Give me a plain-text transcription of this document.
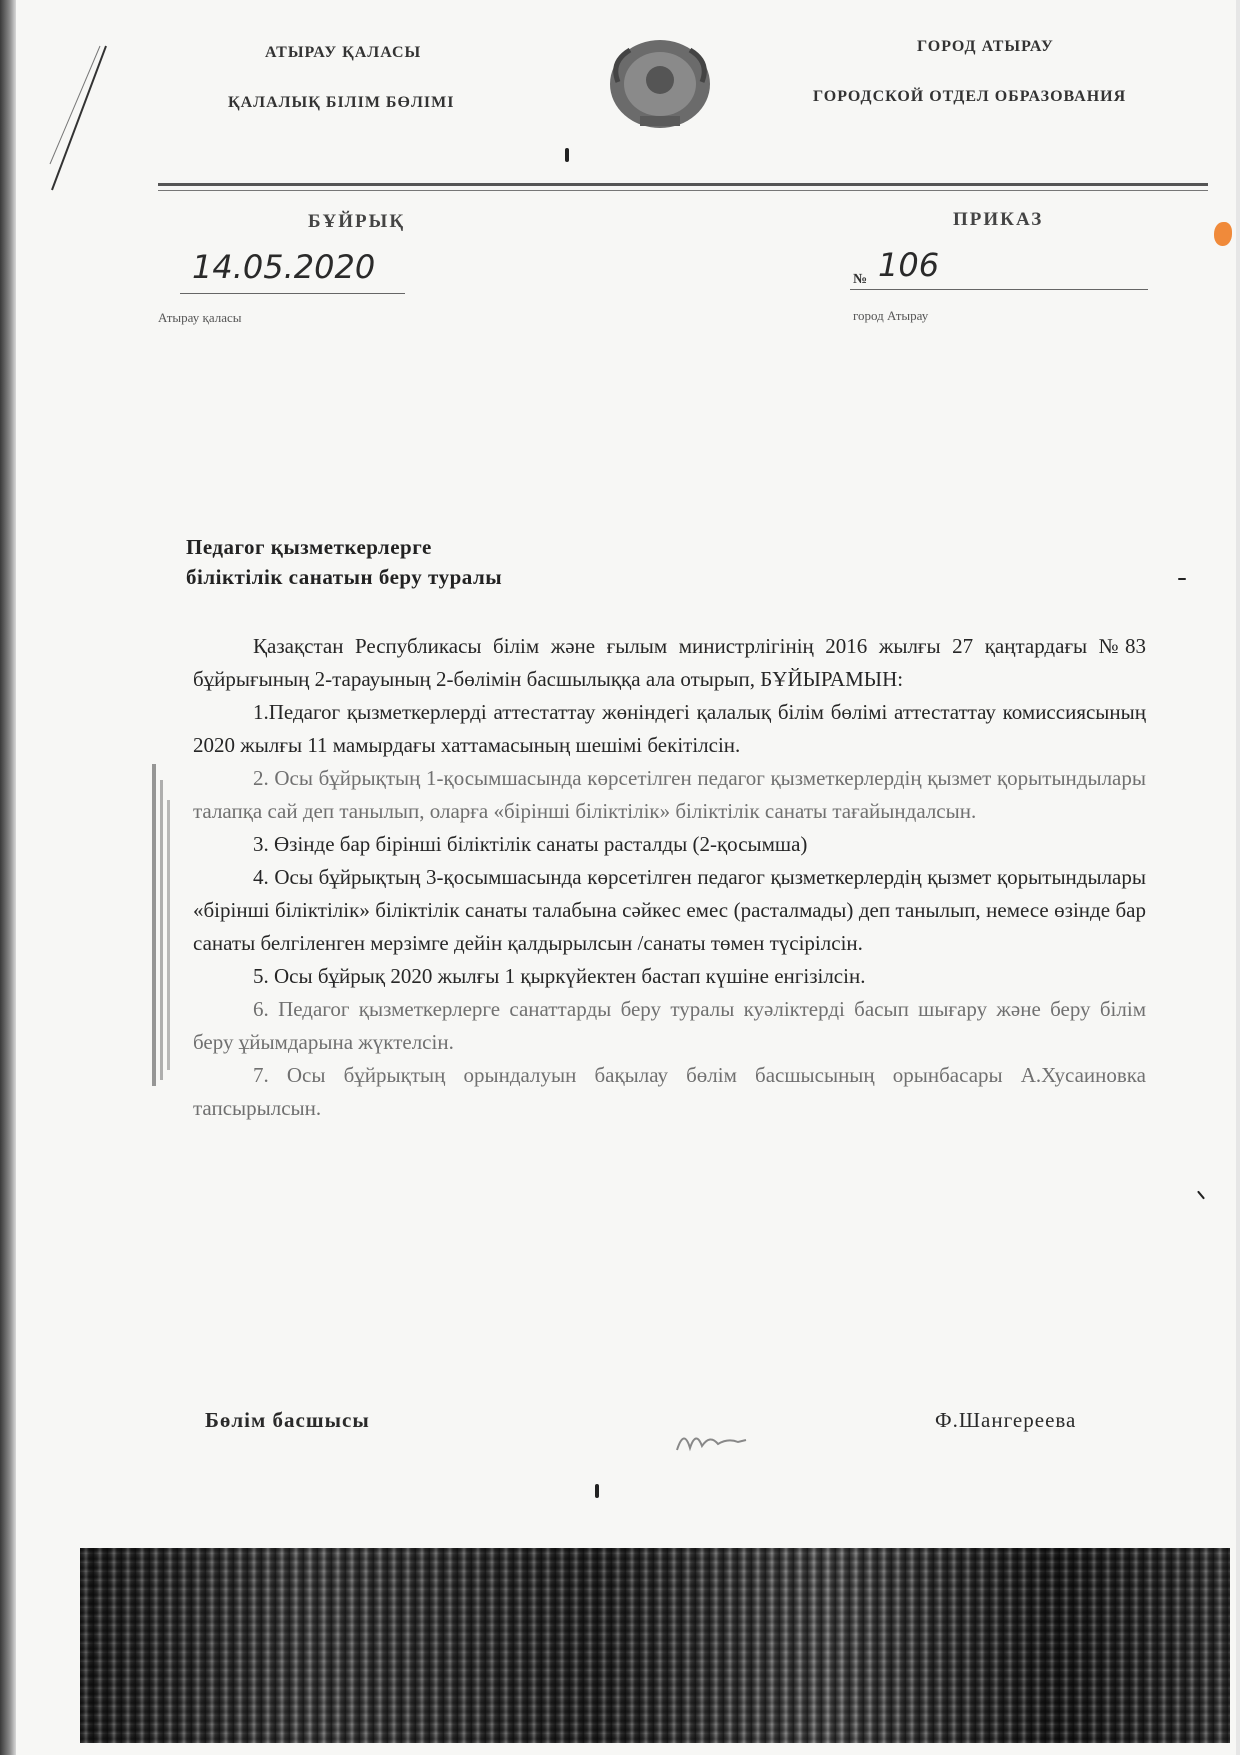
АТЫРАУ ҚАЛАСЫ
ҚАЛАЛЫҚ БІЛІМ БӨЛІМІ
ГОРОД АТЫРАУ
ГОРОДСКОЙ ОТДЕЛ ОБРАЗОВАНИЯ
БҰЙРЫҚ	ПРИКАЗ
14.05.2020	№ 106
Атырау қаласы	город Атырау
Педагог қызметкерлерге
біліктілік санатын беру туралы

Қазақстан Республикасы білім және ғылым министрлігінің 2016 жылғы 27 қаңтардағы №83 бұйрығының 2-тарауының 2-бөлімін басшылыққа ала отырып, БҰЙЫРАМЫН:

1.Педагог қызметкерлерді аттестаттау жөніндегі қалалық білім бөлімі аттестаттау комиссиясының 2020 жылғы 11 мамырдағы хаттамасының шешімі бекітілсін.

2. Осы бұйрықтың 1-қосымшасында көрсетілген педагог қызметкерлердің қызмет қорытындылары талапқа сай деп танылып, оларға «бірінші біліктілік» біліктілік санаты тағайындалсын.

3. Өзінде бар бірінші біліктілік санаты расталды (2-қосымша)

4. Осы бұйрықтың 3-қосымшасында көрсетілген педагог қызметкерлердің қызмет қорытындылары «бірінші біліктілік» біліктілік санаты талабына сәйкес емес (расталмады) деп танылып, немесе өзінде бар санаты белгіленген мерзімге дейін қалдырылсын /санаты төмен түсірілсін.

5. Осы бұйрық 2020 жылғы 1 қыркүйектен бастап күшіне енгізілсін.

6. Педагог қызметкерлерге санаттарды беру туралы куәліктерді басып шығару және беру білім беру ұйымдарына жүктелсін.

7. Осы бұйрықтың орындалуын бақылау бөлім басшысының орынбасары А.Хусаиновка тапсырылсын.

Бөлім басшысы	Ф.Шангереева
